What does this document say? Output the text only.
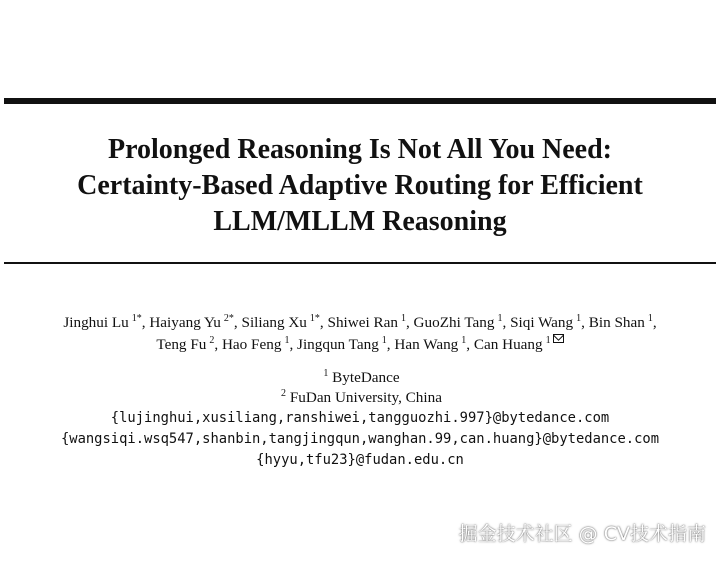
Prolonged Reasoning Is Not All You Need:
Certainty-Based Adaptive Routing for Efficient
LLM/MLLM Reasoning
Jinghui Lu $^{1*}$, Haiyang Yu $^{2*}$, Siliang Xu $^{1*}$, Shiwei Ran $^1$, GuoZhi Tang $^1$, Siqi Wang $^1$, Bin Shan $^1$,
Teng Fu $^2$, Hao Feng $^1$, Jingqun Tang $^1$, Han Wang $^1$, Can Huang $^1$
$^1$ ByteDance
$^2$ FuDan University, China
{lujinghui,xusiliang,ranshiwei,tangguozhi.997}@bytedance.com
{wangsiqi.wsq547,shanbin,tangjingqun,wanghan.99,can.huang}@bytedance.com
{hyyu,tfu23}@fudan.edu.cn
掘金技术社区 @ CV技术指南
